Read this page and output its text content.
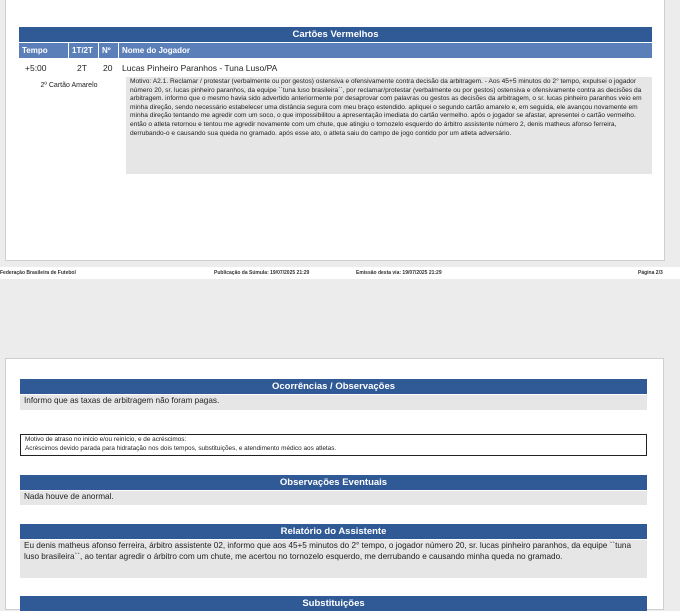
Cartões Vermelhos
Tempo	1T/2T	Nº	Nome do Jogador
+5:00	2T	20	Lucas Pinheiro Paranhos - Tuna Luso/PA
2º Cartão Amarelo
Motivo: A2.1. Reclamar / protestar (verbalmente ou por gestos) ostensiva e ofensivamente contra decisão da arbitragem. - Aos 45+5 minutos do 2° tempo, expulsei o jogador número 20, sr. lucas pinheiro paranhos, da equipe ``tuna luso brasileira``, por reclamar/protestar (verbalmente ou por gestos) ostensiva e ofensivamente contra as decisões da arbitragem. informo que o mesmo havia sido advertido anteriormente por desaprovar com palavras ou gestos as decisões da arbitragem, o sr. lucas pinheiro paranhos veio em minha direção, sendo necessário estabelecer uma distância segura com meu braço estendido. apliquei o segundo cartão amarelo e, em seguida, ele avançou novamente em minha direção tentando me agredir com um soco, o que impossibilitou a apresentação imediata do cartão vermelho. após o jogador se afastar, apresentei o cartão vermelho. então o atleta retornou e tentou me agredir novamente com um chute, que atingiu o tornozelo esquerdo do árbitro assistente número 2, denis matheus afonso ferreira, derrubando-o e causando sua queda no gramado. após esse ato, o atleta saiu do campo de jogo contido por um atleta adversário.
Federação Brasileira de Futebol	Publicação da Súmula: 19/07/2025 21:29	Emissão desta via: 19/07/2025 21:29	Página 2/3
Ocorrências / Observações
Informo que as taxas de arbitragem não foram pagas.
Motivo de atraso no início e/ou reinício, e de acréscimos:
Acréscimos devido parada para hidratação nos dois tempos, substituições, e atendimento médico aos atletas.
Observações Eventuais
Nada houve de anormal.
Relatório do Assistente
Eu denis matheus afonso ferreira, árbitro assistente 02, informo que aos 45+5 minutos do 2° tempo, o jogador número 20, sr. lucas pinheiro paranhos, da equipe ``tuna luso brasileira``, ao tentar agredir o árbitro com um chute, me acertou no tornozelo esquerdo, me derrubando e causando minha queda no gramado.
Substituições
